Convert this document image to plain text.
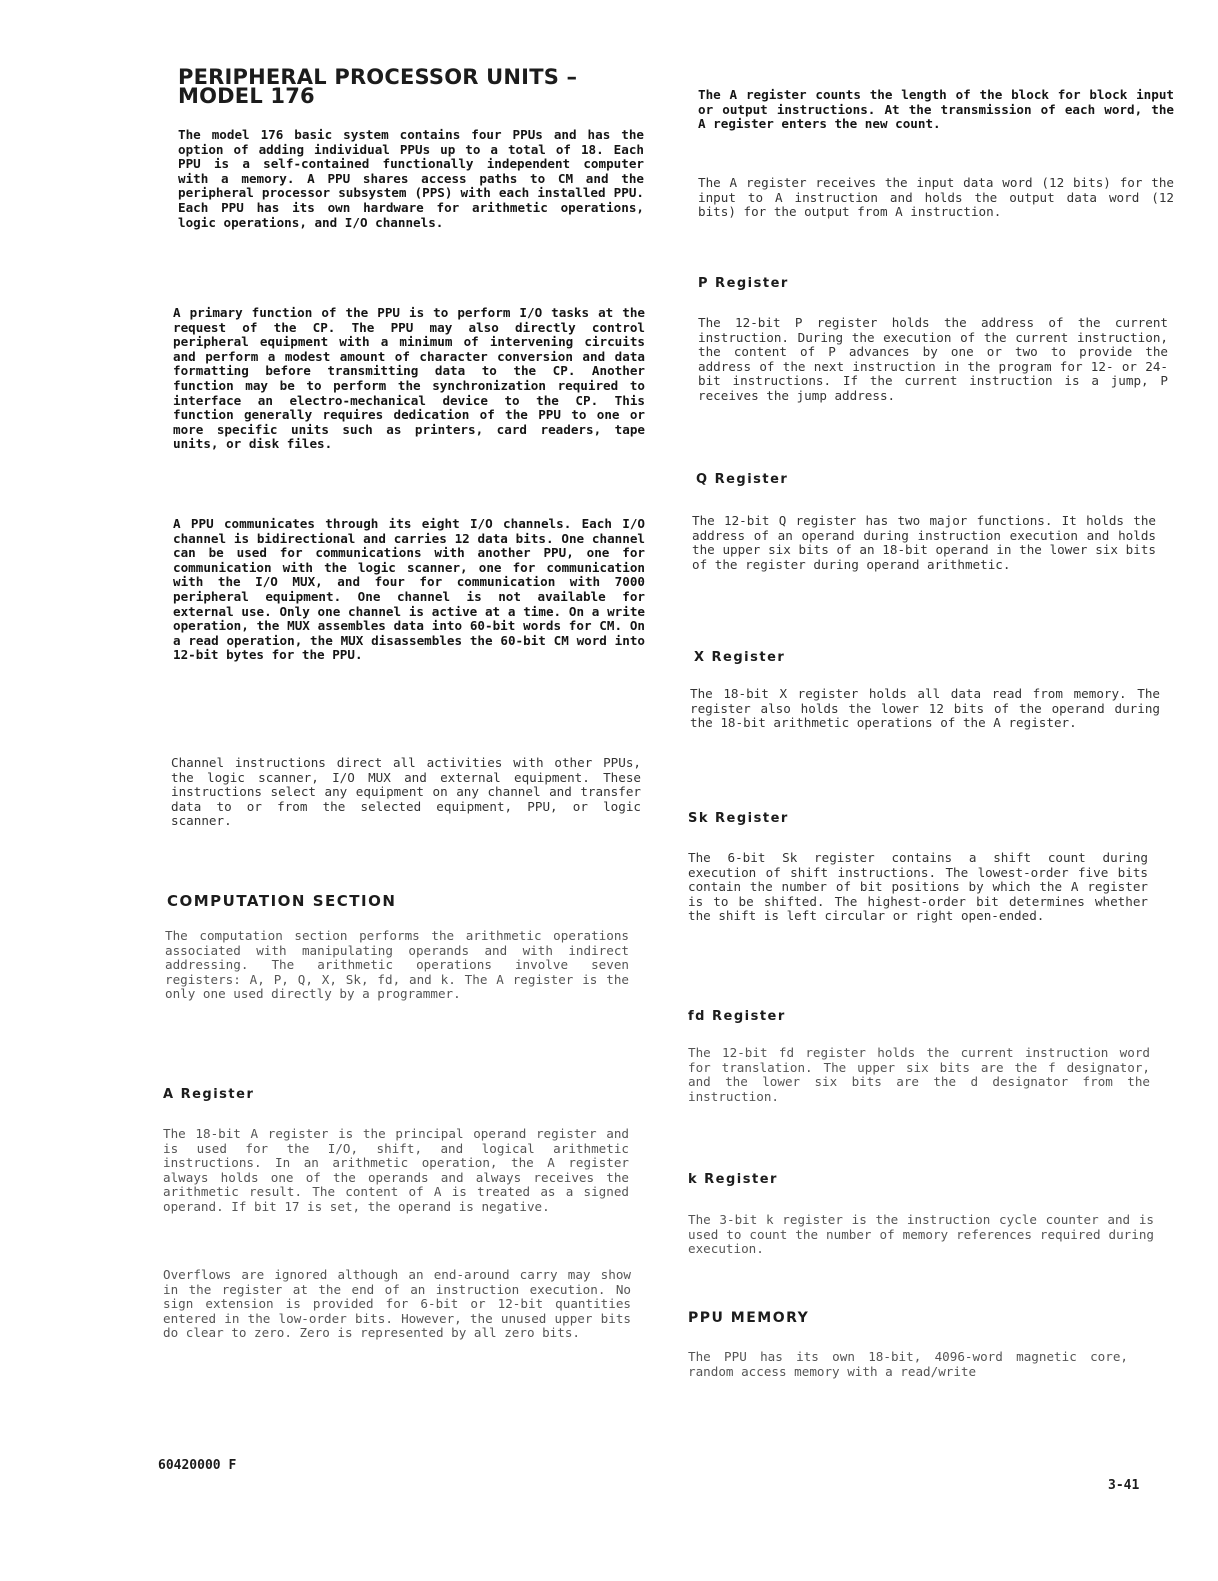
PERIPHERAL PROCESSOR UNITS – MODEL 176

The model 176 basic system contains four PPUs and has the option of adding individual PPUs up to a total of 18. Each PPU is a self-contained functionally independent computer with a memory. A PPU shares access paths to CM and the peripheral processor subsystem (PPS) with each installed PPU. Each PPU has its own hardware for arithmetic operations, logic operations, and I/O channels.

A primary function of the PPU is to perform I/O tasks at the request of the CP. The PPU may also directly control peripheral equipment with a minimum of intervening circuits and perform a modest amount of character conversion and data formatting before transmitting data to the CP. Another function may be to perform the synchronization required to interface an electro-mechanical device to the CP. This function generally requires dedication of the PPU to one or more specific units such as printers, card readers, tape units, or disk files.

A PPU communicates through its eight I/O channels. Each I/O channel is bidirectional and carries 12 data bits. One channel can be used for communications with another PPU, one for communication with the logic scanner, one for communication with the I/O MUX, and four for communication with 7000 peripheral equipment. One channel is not available for external use. Only one channel is active at a time. On a write operation, the MUX assembles data into 60-bit words for CM. On a read operation, the MUX disassembles the 60-bit CM word into 12-bit bytes for the PPU.

Channel instructions direct all activities with other PPUs, the logic scanner, I/O MUX and external equipment. These instructions select any equipment on any channel and transfer data to or from the selected equipment, PPU, or logic scanner.

COMPUTATION SECTION

The computation section performs the arithmetic operations associated with manipulating operands and with indirect addressing. The arithmetic operations involve seven registers: A, P, Q, X, Sk, fd, and k. The A register is the only one used directly by a programmer.

A Register

The 18-bit A register is the principal operand register and is used for the I/O, shift, and logical arithmetic instructions. In an arithmetic operation, the A register always holds one of the operands and always receives the arithmetic result. The content of A is treated as a signed operand. If bit 17 is set, the operand is negative.

Overflows are ignored although an end-around carry may show in the register at the end of an instruction execution. No sign extension is provided for 6-bit or 12-bit quantities entered in the low-order bits. However, the unused upper bits do clear to zero. Zero is represented by all zero bits.

The A register counts the length of the block for block input or output instructions. At the transmission of each word, the A register enters the new count.

The A register receives the input data word (12 bits) for the input to A instruction and holds the output data word (12 bits) for the output from A instruction.

P Register

The 12-bit P register holds the address of the current instruction. During the execution of the current instruction, the content of P advances by one or two to provide the address of the next instruction in the program for 12- or 24-bit instructions. If the current instruction is a jump, P receives the jump address.

Q Register

The 12-bit Q register has two major functions. It holds the address of an operand during instruction execution and holds the upper six bits of an 18-bit operand in the lower six bits of the register during operand arithmetic.

X Register

The 18-bit X register holds all data read from memory. The register also holds the lower 12 bits of the operand during the 18-bit arithmetic operations of the A register.

Sk Register

The 6-bit Sk register contains a shift count during execution of shift instructions. The lowest-order five bits contain the number of bit positions by which the A register is to be shifted. The highest-order bit determines whether the shift is left circular or right open-ended.

fd Register

The 12-bit fd register holds the current instruction word for translation. The upper six bits are the f designator, and the lower six bits are the d designator from the instruction.

k Register

The 3-bit k register is the instruction cycle counter and is used to count the number of memory references required during execution.

PPU MEMORY

The PPU has its own 18-bit, 4096-word magnetic core, random access memory with a read/write

60420000 F
3-41
